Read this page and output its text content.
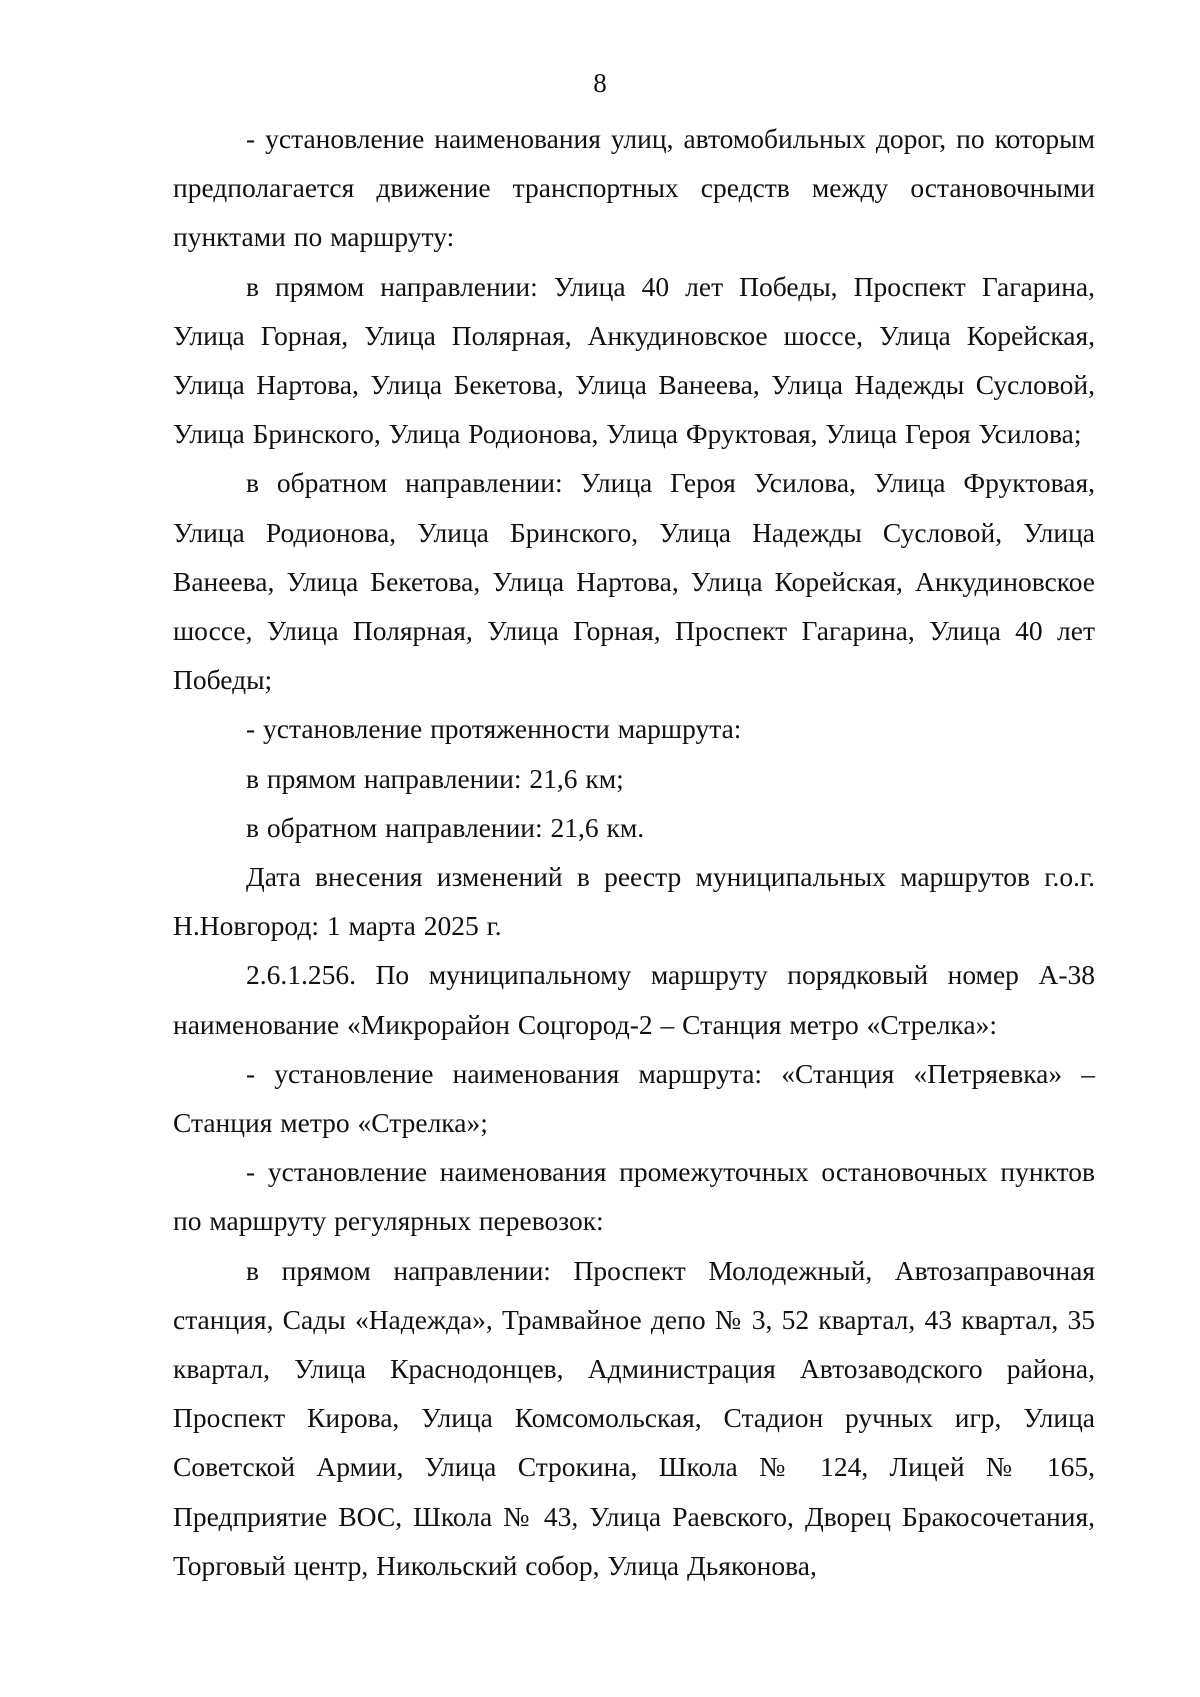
8

- установление наименования улиц, автомобильных дорог, по которым предполагается движение транспортных средств между остановочными пунктами по маршруту:

в прямом направлении: Улица 40 лет Победы, Проспект Гагарина, Улица Горная, Улица Полярная, Анкудиновское шоссе, Улица Корейская, Улица Нартова, Улица Бекетова, Улица Ванеева, Улица Надежды Сусловой, Улица Бринского, Улица Родионова, Улица Фруктовая, Улица Героя Усилова;

в обратном направлении: Улица Героя Усилова, Улица Фруктовая, Улица Родионова, Улица Бринского, Улица Надежды Сусловой, Улица Ванеева, Улица Бекетова, Улица Нартова, Улица Корейская, Анкудиновское шоссе, Улица Полярная, Улица Горная, Проспект Гагарина, Улица 40 лет Победы;

- установление протяженности маршрута:

в прямом направлении: 21,6 км;

в обратном направлении: 21,6 км.

Дата внесения изменений в реестр муниципальных маршрутов г.о.г. Н.Новгород: 1 марта 2025 г.

2.6.1.256. По муниципальному маршруту порядковый номер А-38 наименование «Микрорайон Соцгород-2 – Станция метро «Стрелка»:

- установление наименования маршрута: «Станция «Петряевка» – Станция метро «Стрелка»;

- установление наименования промежуточных остановочных пунктов по маршруту регулярных перевозок:

в прямом направлении: Проспект Молодежный, Автозаправочная станция, Сады «Надежда», Трамвайное депо № 3, 52 квартал, 43 квартал, 35 квартал, Улица Краснодонцев, Администрация Автозаводского района, Проспект Кирова, Улица Комсомольская, Стадион ручных игр, Улица Советской Армии, Улица Строкина, Школа № 124, Лицей № 165, Предприятие ВОС, Школа № 43, Улица Раевского, Дворец Бракосочетания, Торговый центр, Никольский собор, Улица Дьяконова,
